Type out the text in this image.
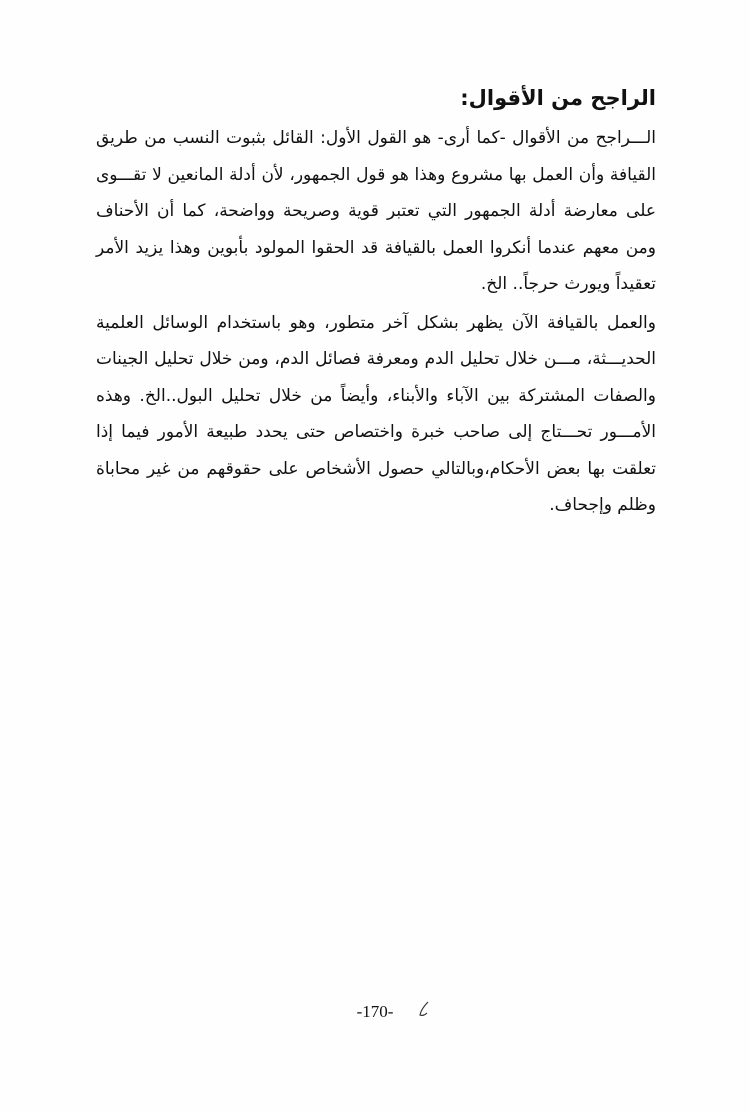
الراجح من الأقوال:

الـــراجح من الأقوال -كما أرى- هو القول الأول: القائل بثبوت النسب من طريق القيافة وأن العمل بها مشروع وهذا هو قول الجمهور، لأن أدلة المانعين لا تقـــوى على معارضة أدلة الجمهور التي تعتبر قوية وصريحة وواضحة، كما أن الأحناف ومن معهم عندما أنكروا العمل بالقيافة قد الحقوا المولود بأبوين وهذا يزيد الأمر تعقيداً ويورث حرجاً.. الخ.

والعمل بالقيافة الآن يظهر بشكل آخر متطور، وهو باستخدام الوسائل العلمية الحديـــثة، مـــن خلال تحليل الدم ومعرفة فصائل الدم، ومن خلال تحليل الجينات والصفات المشتركة بين الآباء والأبناء، وأيضاً من خلال تحليل البول..الخ. وهذه الأمـــور تحـــتاج إلى صاحب خبرة واختصاص حتى يحدد طبيعة الأمور فيما إذا تعلقت بها بعض الأحكام،وبالتالي حصول الأشخاص على حقوقهم من غير محاباة وظلم وإجحاف.

-170-
